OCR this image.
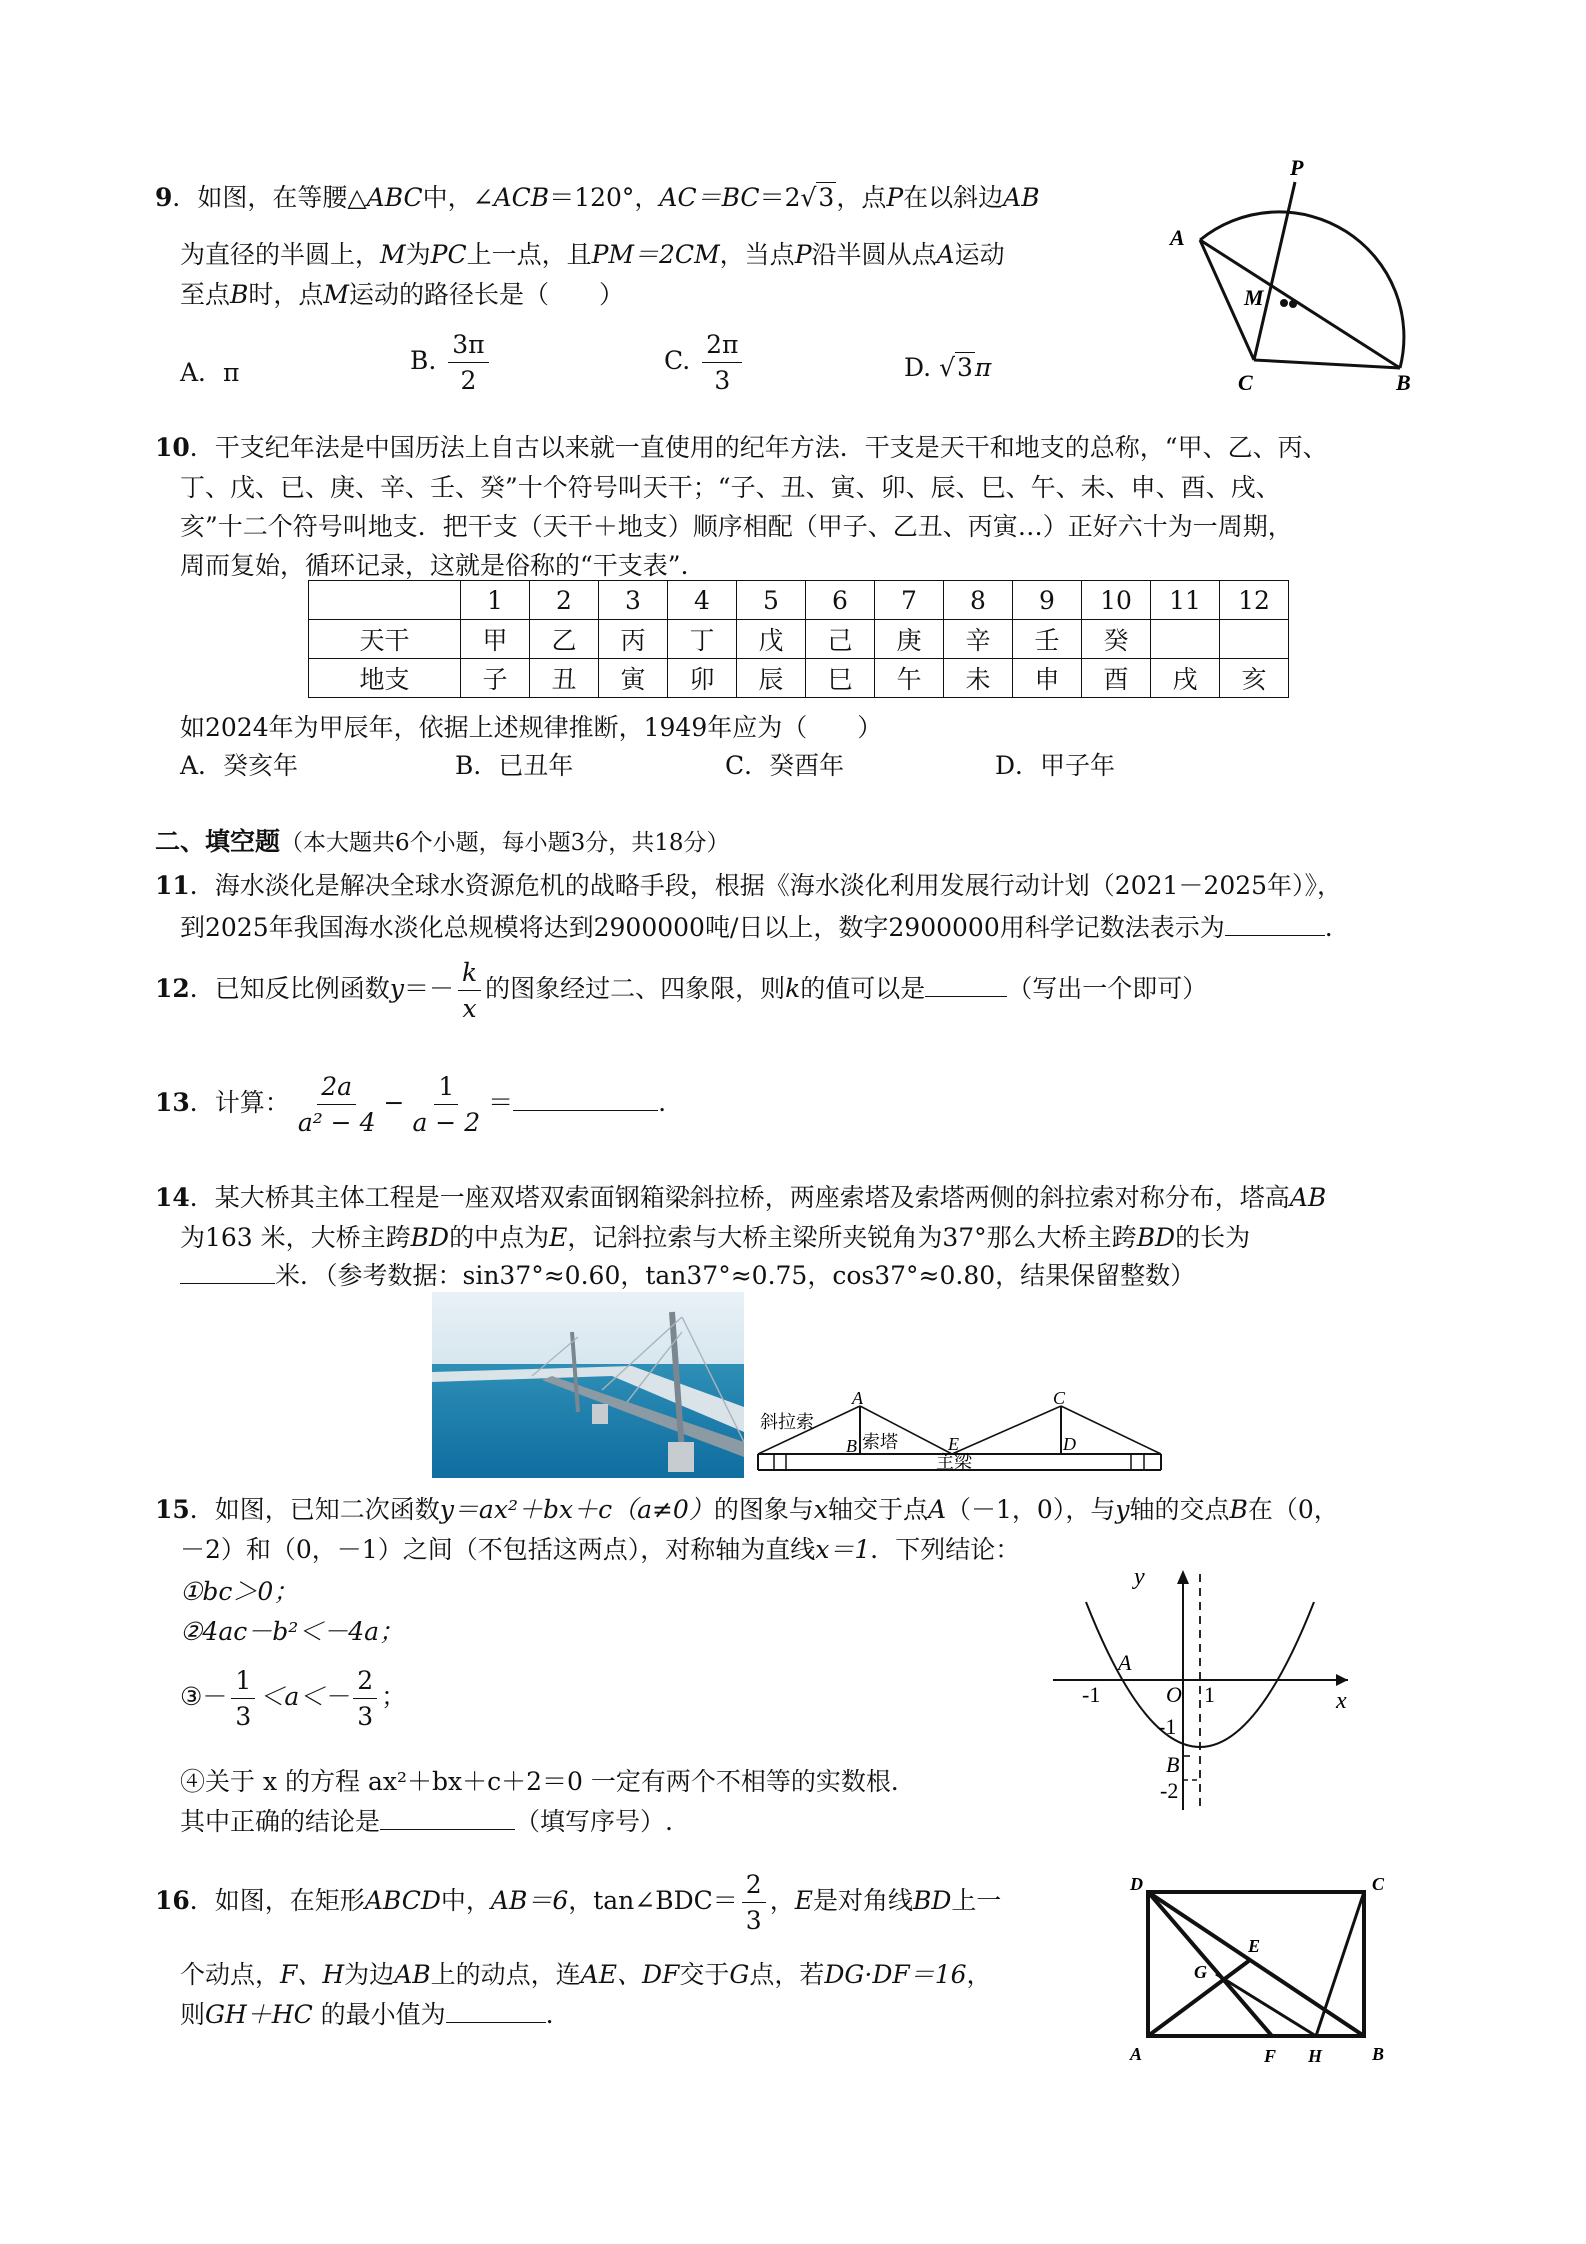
9．如图，在等腰△ABC中，∠ACB＝120°，AC＝BC＝2√3，点P在以斜边AB
为直径的半圆上，M为PC上一点，且PM＝2CM，当点P沿半圆从点A运动
至点B时，点M运动的路径长是（　　）
A．π	B. $\frac{3\pi}{2}$	C. $\frac{2\pi}{3}$	D. √3π
P
A
M
C	B
10．干支纪年法是中国历法上自古以来就一直使用的纪年方法．干支是天干和地支的总称，“甲、乙、丙、
丁、戊、已、庚、辛、壬、癸”十个符号叫天干；“子、丑、寅、卯、辰、巳、午、未、申、酉、戌、
亥”十二个符号叫地支．把干支（天干＋地支）顺序相配（甲子、乙丑、丙寅…）正好六十为一周期，
周而复始，循环记录，这就是俗称的“干支表”．
	1	2	3	4	5	6	7	8	9	10	11	12
天干	甲	乙	丙	丁	戊	己	庚	辛	壬	癸		
地支	子	丑	寅	卯	辰	巳	午	未	申	酉	戌	亥
如2024年为甲辰年，依据上述规律推断，1949年应为（　　）
A．癸亥年	B．已丑年	C．癸酉年	D．甲子年
二、填空题（本大题共6个小题，每小题3分，共18分）
11．海水淡化是解决全球水资源危机的战略手段，根据《海水淡化利用发展行动计划（2021－2025年）》，
到2025年我国海水淡化总规模将达到2900000吨/日以上，数字2900000用科学记数法表示为	.
12．已知反比例函数$y=- \frac{k}{x}$ 的图象经过二、四象限，则k的值可以是	（写出一个即可）
13．计算： $\frac{2a}{\text{a² − 4}} - \frac{1}{a - 2}$ ＝	.
14．某大桥其主体工程是一座双塔双索面钢箱梁斜拉桥，两座索塔及索塔两侧的斜拉索对称分布，塔高AB
为163 米，大桥主跨BD的中点为E，记斜拉索与大桥主梁所夹锐角为37°那么大桥主跨BD的长为
米．（参考数据：sin37°≈0.60，tan37°≈0.75，cos37°≈0.80，结果保留整数）
斜拉索
索塔
主梁
A
B
C
D
E
15．如图，已知二次函数y＝ax²＋bx＋c（a≠0）的图象与x轴交于点A（－1，0），与y轴的交点B在（0，
－2）和（0，－1）之间（不包括这两点），对称轴为直线x＝1．下列结论：
①bc＞0；
②4ac－b²＜－4a；
③－ $\frac{1}{3} <a<- \frac{2}{3}$ ；
④关于 x 的方程 ax²＋bx＋c＋2＝0 一定有两个不相等的实数根．
其中正确的结论是	（填写序号）.
y
x
A
O
-1	1
-1
B
-2
16．如图，在矩形ABCD中，AB＝6，tan∠BDC＝ $\frac{2}{3}$ ，E是对角线BD上一
个动点，F、H为边AB上的动点，连AE、DF交于G点，若DG·DF＝16，
则GH＋HC 的最小值为	.
D	C
E
G
A	F H	B
